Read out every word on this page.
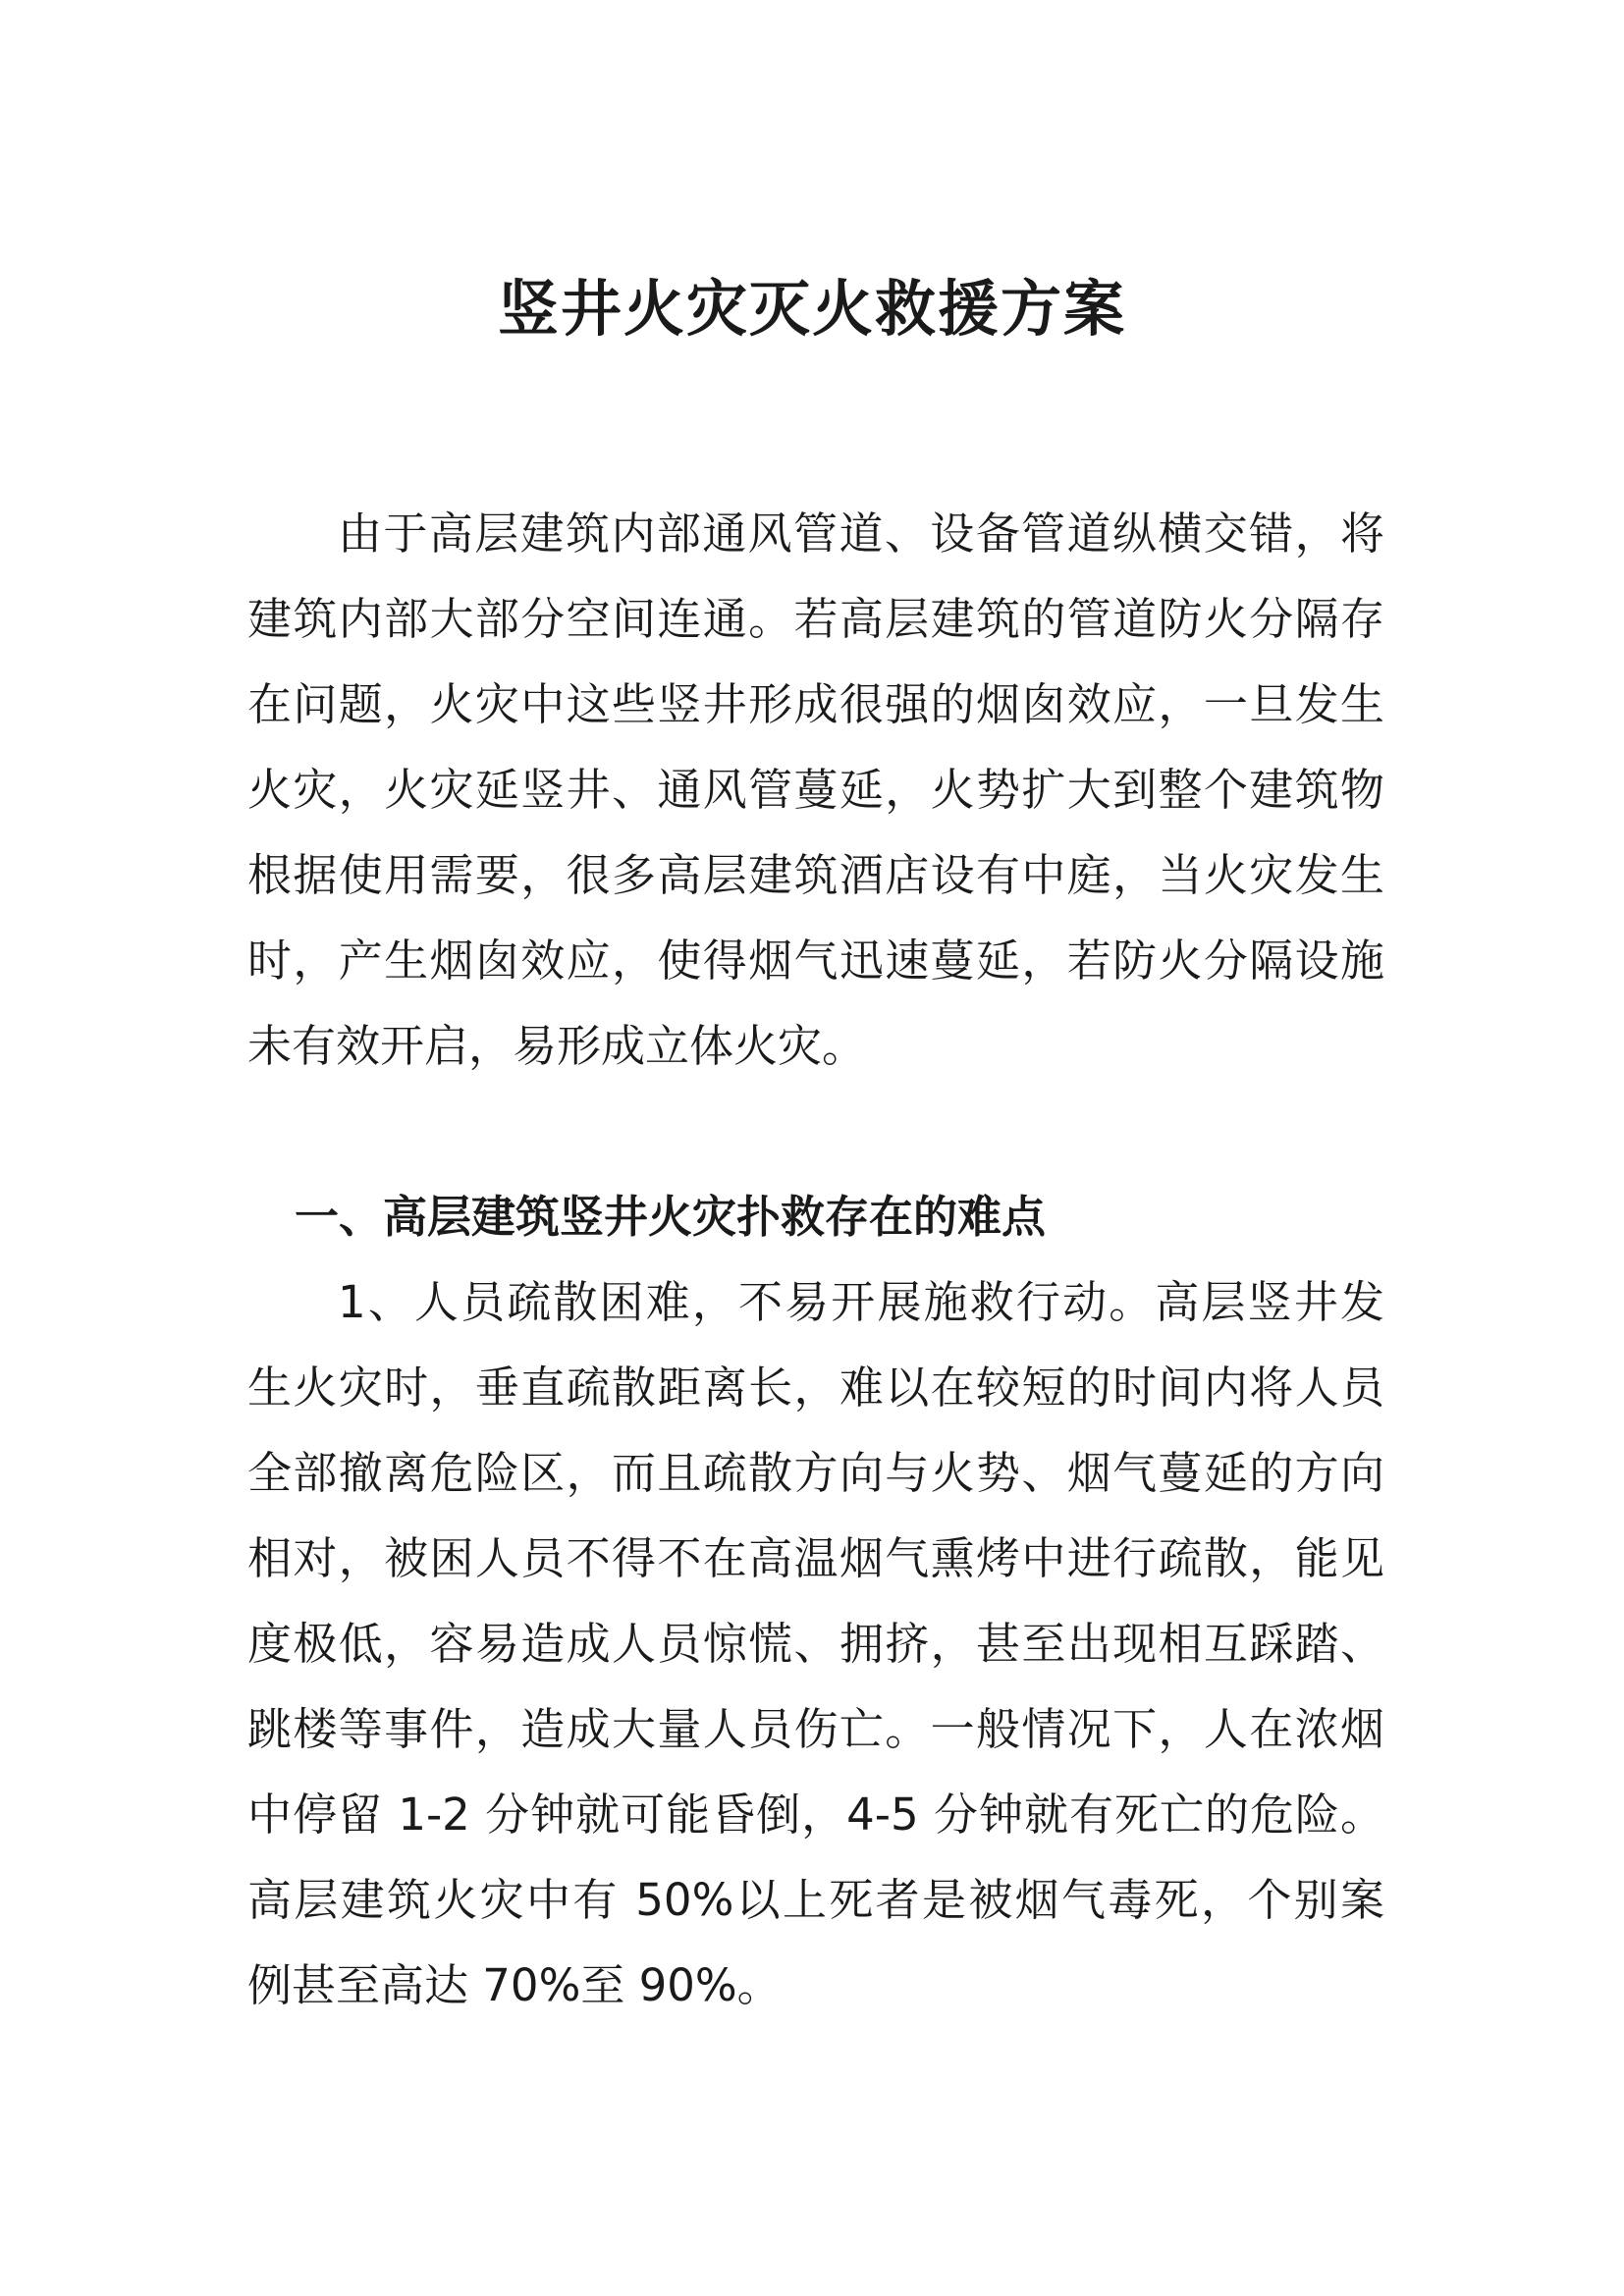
竖井火灾灭火救援方案
由于高层建筑内部通风管道、设备管道纵横交错，将
建筑内部大部分空间连通。若高层建筑的管道防火分隔存
在问题，火灾中这些竖井形成很强的烟囱效应，一旦发生
火灾，火灾延竖井、通风管蔓延，火势扩大到整个建筑物
根据使用需要，很多高层建筑酒店设有中庭，当火灾发生
时，产生烟囱效应，使得烟气迅速蔓延，若防火分隔设施
未有效开启，易形成立体火灾。
一、高层建筑竖井火灾扑救存在的难点
1、人员疏散困难，不易开展施救行动。高层竖井发
生火灾时，垂直疏散距离长，难以在较短的时间内将人员
全部撤离危险区，而且疏散方向与火势、烟气蔓延的方向
相对，被困人员不得不在高温烟气熏烤中进行疏散，能见
度极低，容易造成人员惊慌、拥挤，甚至出现相互踩踏、
跳楼等事件，造成大量人员伤亡。一般情况下，人在浓烟
中停留 1-2 分钟就可能昏倒，4-5 分钟就有死亡的危险。
高层建筑火灾中有 50%以上死者是被烟气毒死，个别案
例甚至高达 70%至 90%。
